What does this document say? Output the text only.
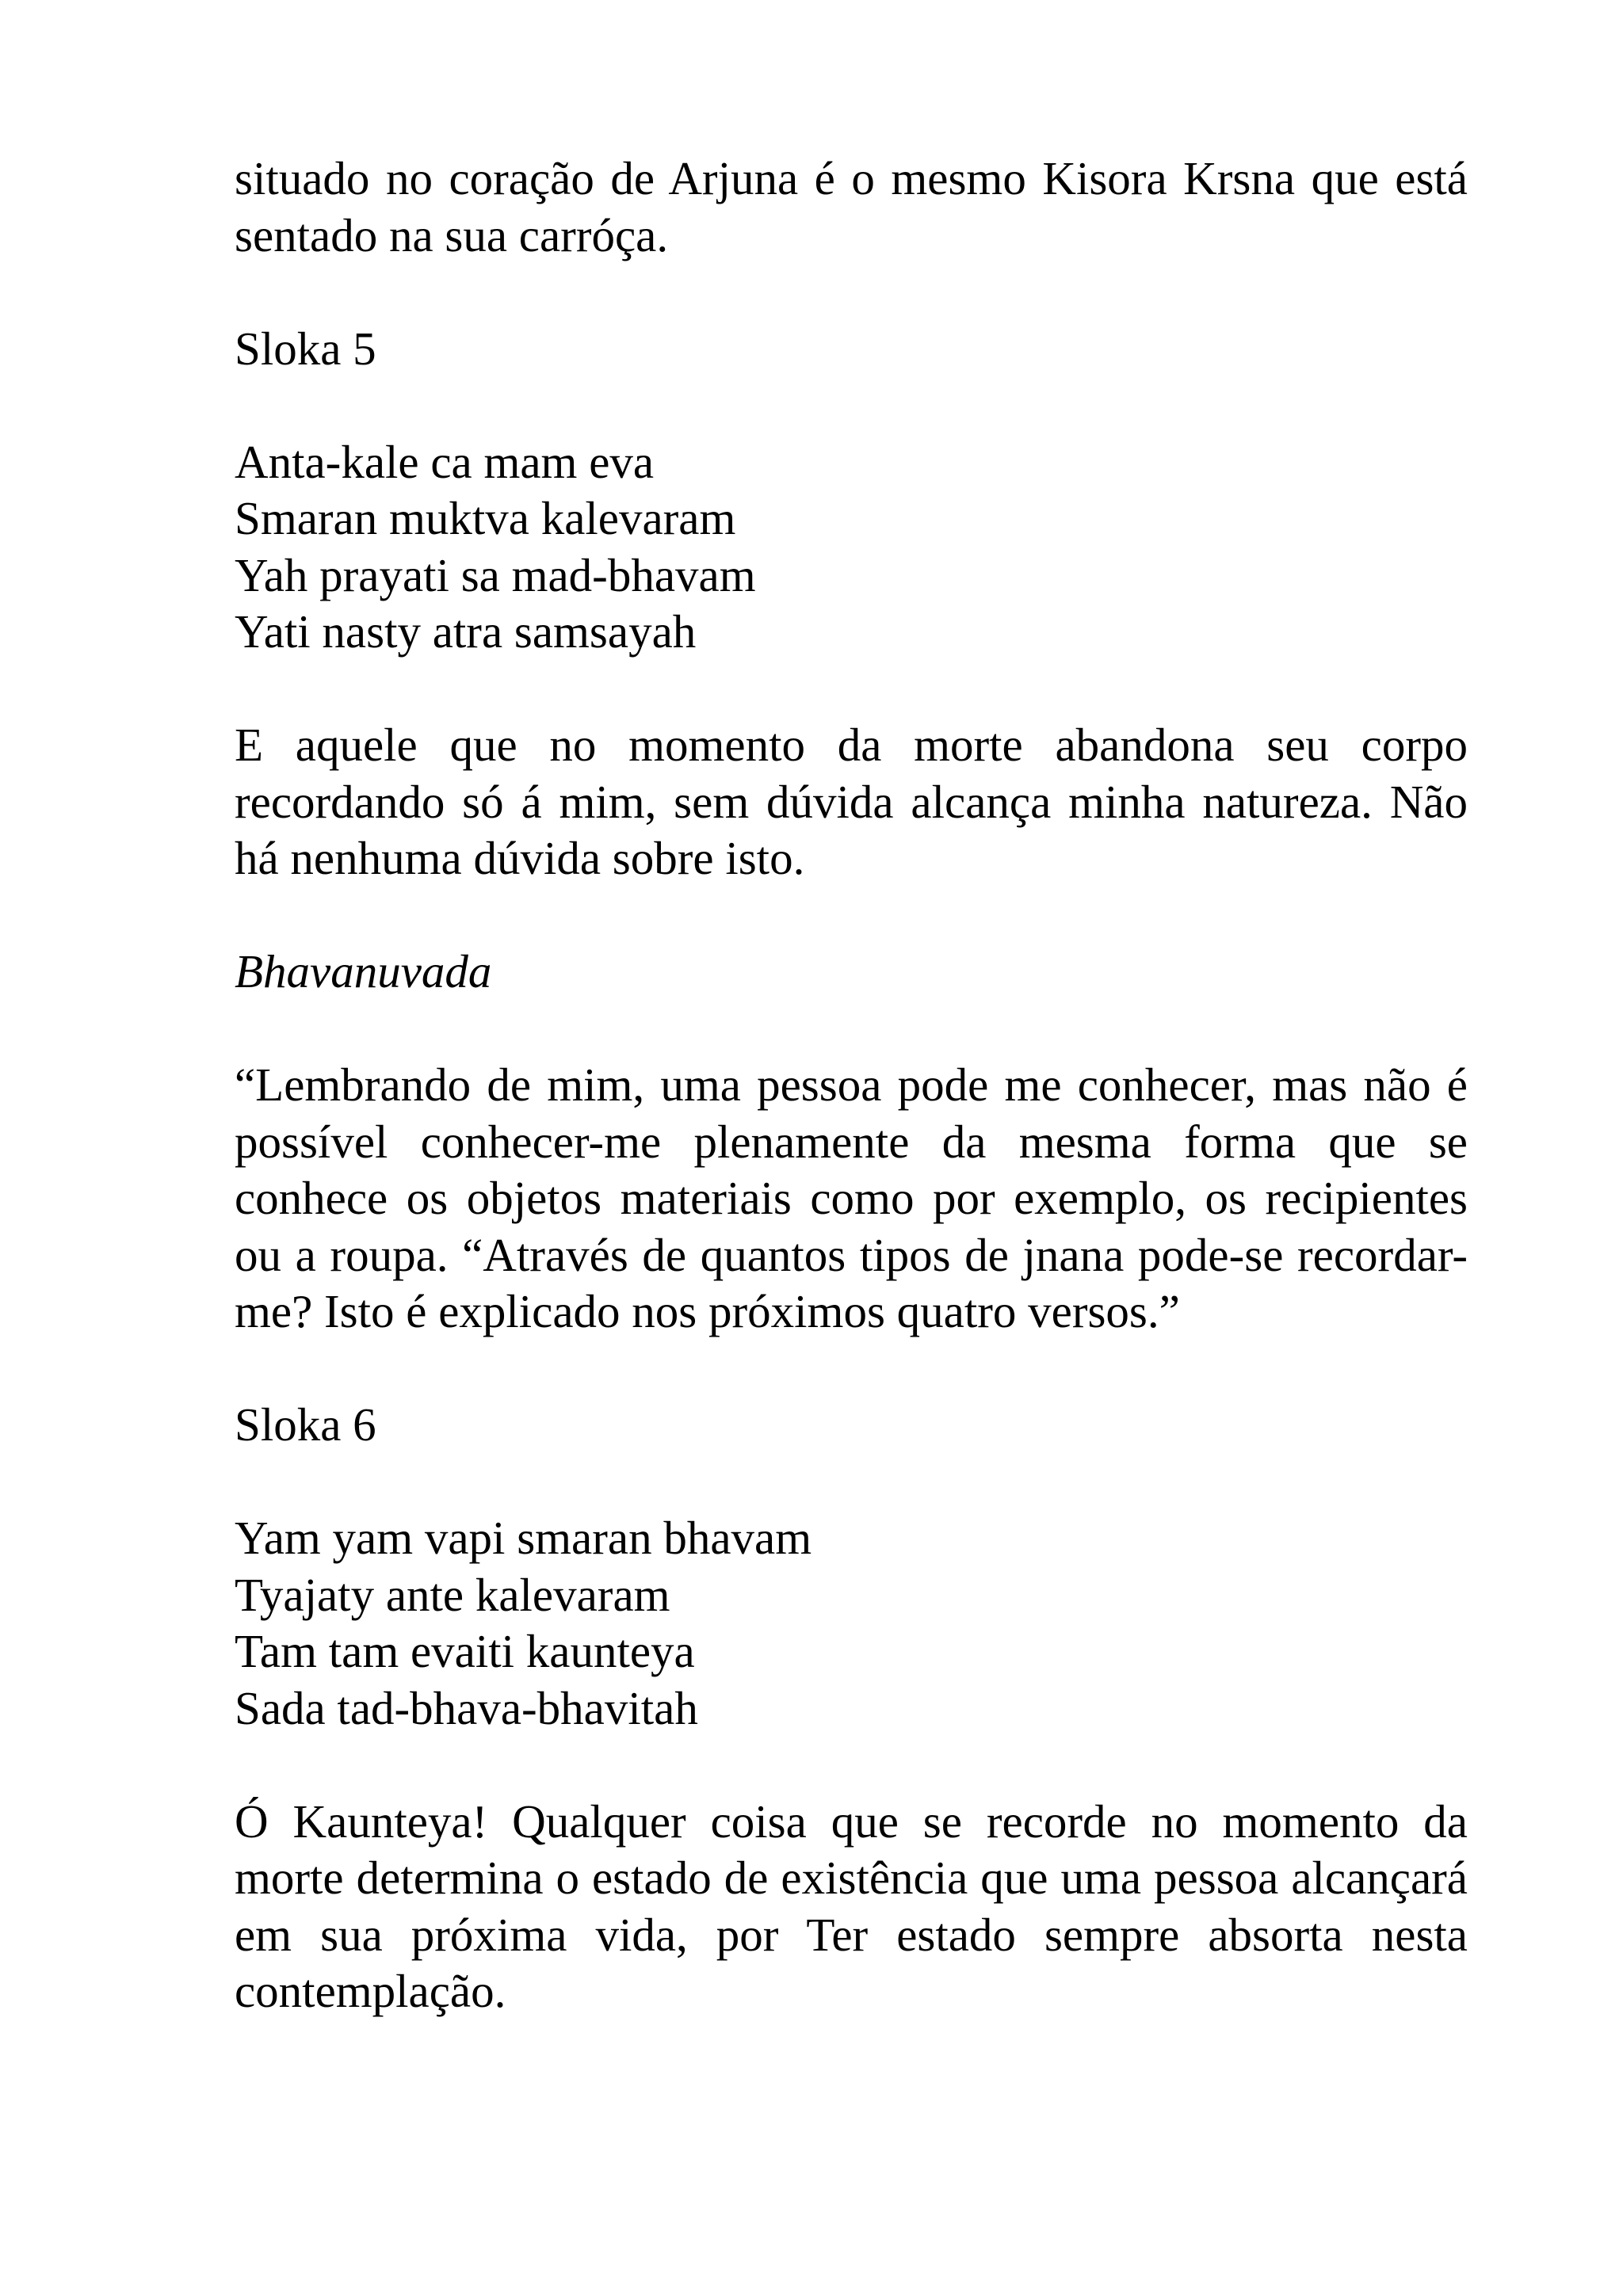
situado no coração de Arjuna é o mesmo Kisora Krsna que está sentado na sua carróça.

Sloka 5

Anta-kale ca mam eva
Smaran muktva kalevaram
Yah prayati sa mad-bhavam
Yati nasty atra samsayah

E aquele que no momento da morte abandona seu corpo recordando só á mim, sem dúvida alcança minha natureza. Não há nenhuma dúvida sobre isto.

Bhavanuvada

“Lembrando de mim, uma pessoa pode me conhecer, mas não é possível conhecer-me plenamente da mesma forma que se conhece os objetos materiais como por exemplo, os recipientes ou a roupa. “Através de quantos tipos de jnana pode-se recordar-me? Isto é explicado nos próximos quatro versos.”

Sloka 6

Yam yam vapi smaran bhavam
Tyajaty ante kalevaram
Tam tam evaiti kaunteya
Sada tad-bhava-bhavitah

Ó Kaunteya! Qualquer coisa que se recorde no momento da morte determina o estado de existência que uma pessoa alcançará em sua próxima vida, por Ter estado sempre absorta nesta contemplação.
